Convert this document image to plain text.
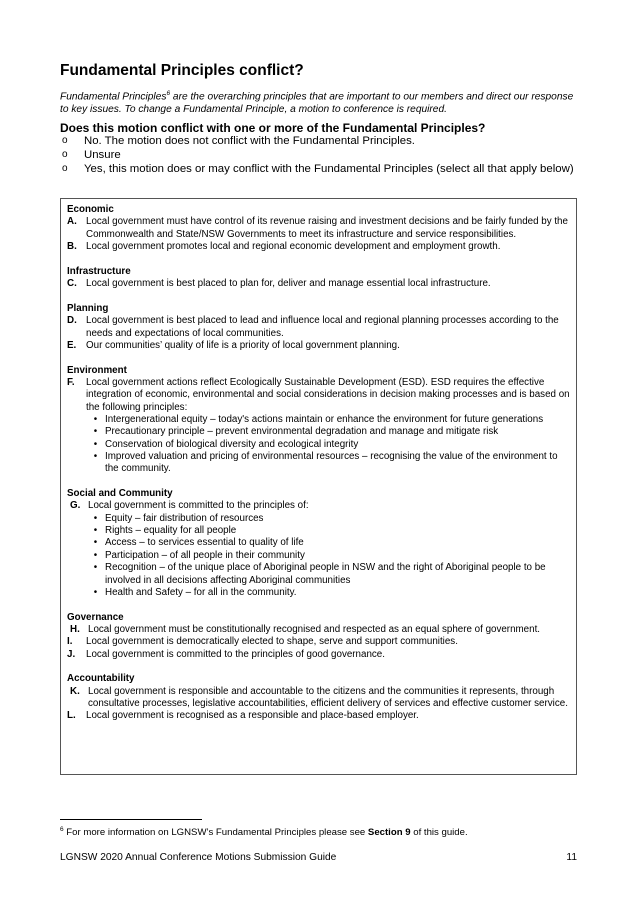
Fundamental Principles conflict?
Fundamental Principles$^6$ are the overarching principles that are important to our members and direct our response to key issues. To change a Fundamental Principle, a motion to conference is required.
Does this motion conflict with one or more of the Fundamental Principles?
o	No. The motion does not conflict with the Fundamental Principles.
o	Unsure
o	Yes, this motion does or may conflict with the Fundamental Principles (select all that apply below)
Economic
A. Local government must have control of its revenue raising and investment decisions and be fairly funded by the Commonwealth and State/NSW Governments to meet its infrastructure and service responsibilities.
B. Local government promotes local and regional economic development and employment growth.
Infrastructure
C. Local government is best placed to plan for, deliver and manage essential local infrastructure.
Planning
D. Local government is best placed to lead and influence local and regional planning processes according to the needs and expectations of local communities.
E. Our communities’ quality of life is a priority of local government planning.
Environment
F.	Local government actions reflect Ecologically Sustainable Development (ESD). ESD requires the effective integration of economic, environmental and social considerations in decision making processes and is based on the following principles:
• Intergenerational equity – today's actions maintain or enhance the environment for future generations
• Precautionary principle – prevent environmental degradation and manage and mitigate risk
• Conservation of biological diversity and ecological integrity
• Improved valuation and pricing of environmental resources – recognising the value of the environment to the community.
Social and Community
G. Local government is committed to the principles of:
• Equity – fair distribution of resources
• Rights – equality for all people
• Access – to services essential to quality of life
• Participation – of all people in their community
• Recognition – of the unique place of Aboriginal people in NSW and the right of Aboriginal people to be involved in all decisions affecting Aboriginal communities
• Health and Safety – for all in the community.
Governance
H. Local government must be constitutionally recognised and respected as an equal sphere of government.
I.	Local government is democratically elected to shape, serve and support communities.
J.	Local government is committed to the principles of good governance.
Accountability
K. Local government is responsible and accountable to the citizens and the communities it represents, through consultative processes, legislative accountabilities, efficient delivery of services and effective customer service.
L.	Local government is recognised as a responsible and place-based employer.
$^6$ For more information on LGNSW’s Fundamental Principles please see Section 9 of this guide.
LGNSW 2020 Annual Conference Motions Submission Guide	11
